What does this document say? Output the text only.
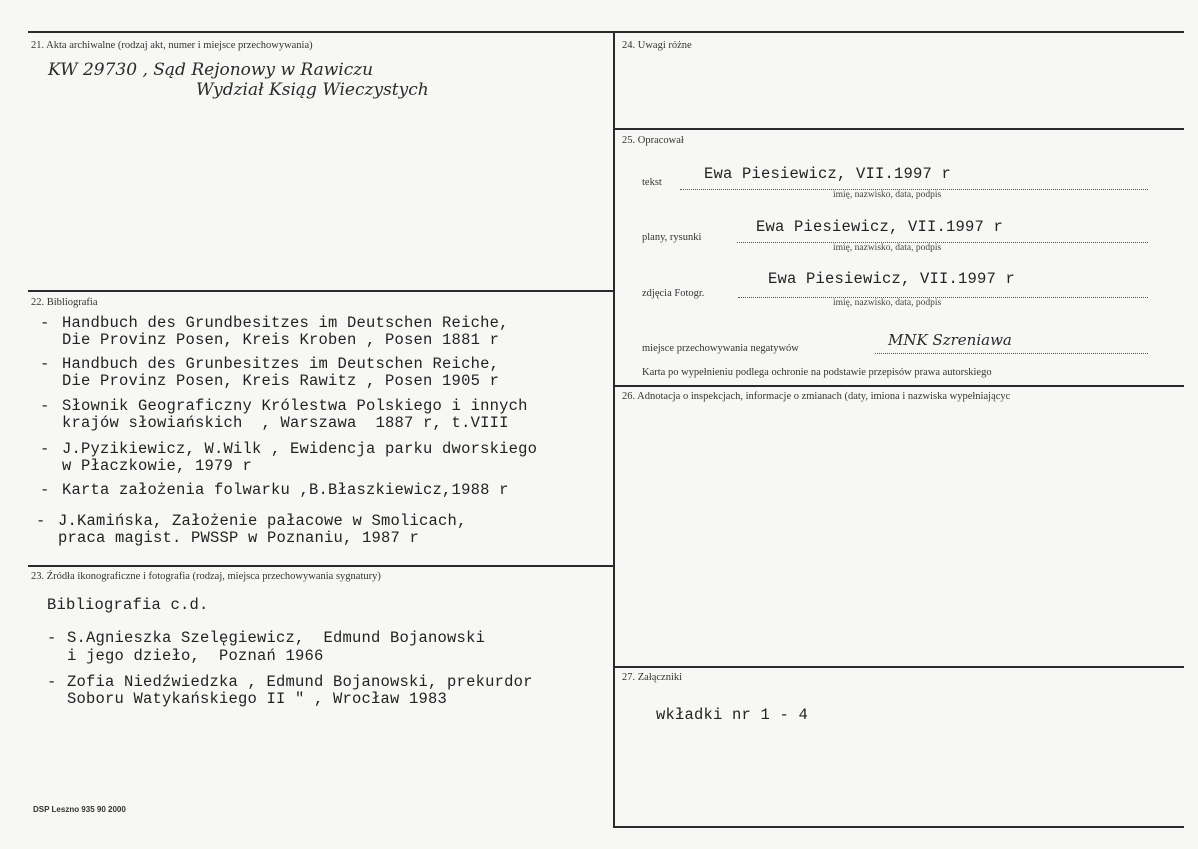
21. Akta archiwalne (rodzaj akt, numer i miejsce przechowywania)
KW 29730 , Sąd Rejonowy w Rawiczu
Wydział Ksiąg Wieczystych
22. Bibliografia
- Handbuch des Grundbesitzes im Deutschen Reiche,
Die Provinz Posen, Kreis Kroben , Posen 1881 r
- Handbuch des Grunbesitzes im Deutschen Reiche,
Die Provinz Posen, Kreis Rawitz , Posen 1905 r
- Słownik Geograficzny Królestwa Polskiego i innych
krajów słowiańskich  , Warszawa  1887 r, t.VIII
- J.Pyzikiewicz, W.Wilk , Ewidencja parku dworskiego
w Płaczkowie, 1979 r
- Karta założenia folwarku ,B.Błaszkiewicz,1988 r
- J.Kamińska, Założenie pałacowe w Smolicach,
praca magist. PWSSP w Poznaniu, 1987 r
23. Źródła ikonograficzne i fotografia (rodzaj, miejsca przechowywania sygnatury)
Bibliografia c.d.
- S.Agnieszka Szelęgiewicz,  Edmund Bojanowski
i jego dzieło,  Poznań 1966
- Zofia Niedźwiedzka , Edmund Bojanowski, prekurdor
Soboru Watykańskiego II " , Wrocław 1983
DSP Leszno 935 90 2000
24. Uwagi różne
25. Opracował
tekst	Ewa Piesiewicz, VII.1997 r
imię, nazwisko, data, podpis
plany, rysunki
Ewa Piesiewicz, VII.1997 r
imię, nazwisko, data, podpis
zdjęcia Fotogr.
Ewa Piesiewicz, VII.1997 r
imię, nazwisko, data, podpis
miejsce przechowywania negatywów	MNK Szreniawa
Karta po wypełnieniu podlega ochronie na podstawie przepisów prawa autorskiego
26. Adnotacja o inspekcjach, informacje o zmianach (daty, imiona i nazwiska wypełniającyc
27. Załączniki
wkładki nr 1 - 4
